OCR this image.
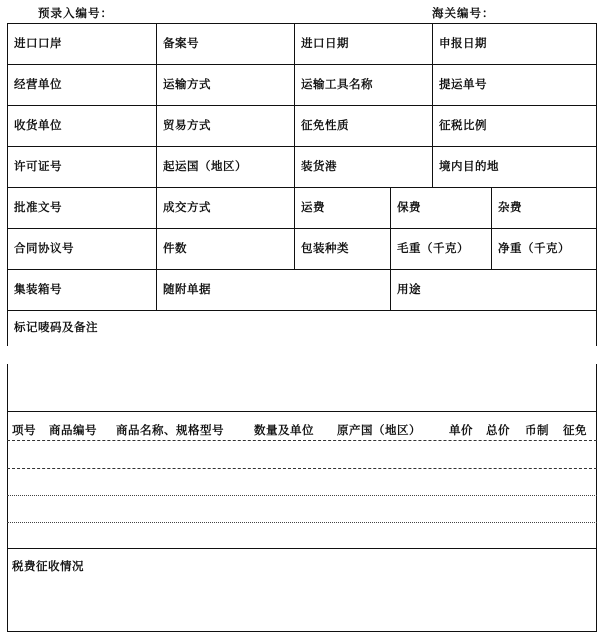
预录入编号：	海关编号：
进口口岸	备案号	进口日期	申报日期
经营单位	运输方式	运输工具名称	提运单号
收货单位	贸易方式	征免性质	征税比例
许可证号	起运国（地区）	装货港	境内目的地
批准文号	成交方式	运费	保费	杂费
合同协议号	件数	包装种类	毛重（千克）	净重（千克）
集装箱号	随附单据	用途
标记唛码及备注
项号 商品编号 商品名称、规格型号	数量及单位 原产国（地区） 单价 总价 币制 征免
税费征收情况
